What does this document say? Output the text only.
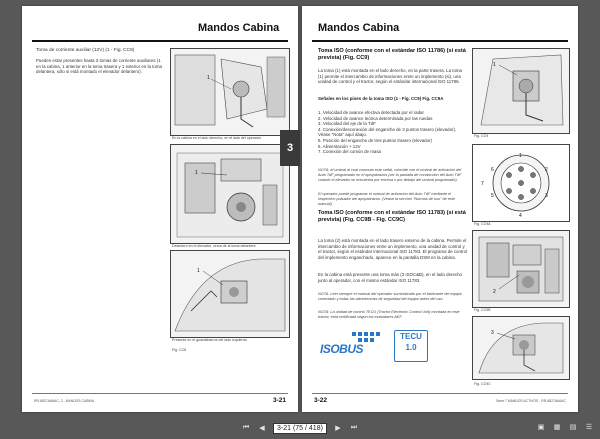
Mandos Cabina
Toma de corriente auxiliar (12V) (1 - Fig. CC8)
Pueden estar presentes hasta 3 tomas de corriente auxiliares (1 en la cabina, 1 anterior en la toma trasera y 1 exterior en la toma delantera, sólo si está montado el elevador delantero).
1
En la cabina en el lado derecho, en el lado del operador
1
Delantero en el elevador, cerca de la toma delantera
1
Presente en el guardabarros del lado izquierdo
Fig. CC8
RR-6827A6AAC- 2 - MANDOS CABINA	3-21
3
Mandos Cabina
Toma ISO (conforme con el estándar ISO 11786) (si está prevista) (Fig. CC9)
La toma (1) está montada en el lado derecho, en la parte trasera. La toma (1) permite el intercambio de informaciones entre un implemento (si), una unidad de control y el tractor, según el estándar internacional ISO 11786.
Señales en los pines de la toma ISO (1 - Fig. CC9) Fig. CC9A
1. Velocidad de avance efectiva detectada por el radar
2. Velocidad de avance teórica determinada por las ruedas
3. Velocidad del eje de la TdF
4. Conexión/desconexión del enganche de 3 puntos trasero (elevador). Véase "Nota" aquí abajo.
5. Posición del enganche de tres puntos trasero (elevador)
6. Alimentación + 12V
7. Conexión del común de masa
NOTA: el umbral al cual conmuta este señal, coincide con el umbral de activación del Auto TdF programado en el apoyabrazos (ver la pantalla de conducción del Auto TdF cuando el elevador se encuentra por encima o por debajo del umbral programado).
El operador puede programar el umbral de activación del Auto TdF mediante el respectivo pulsador del apoyabrazos. (Véase la sección "Normas de uso" de este manual).
Toma ISO (conforme con el estándar ISO 11783) (si está prevista) (Fig. CC9B - Fig. CC9C)
La toma (2) está montada en el lado trasero externo de la cabina. Permite el intercambio de informaciones entre un implemento, una unidad de control y el tractor, según el estándar internacional ISO 11783. El programa de control del implemento enganchado, aparece en la pantalla DSM en la cabina.
En la cabina está presente una toma más (3 ISOC&B), en el lado derecho junto al operador, con el mismo estándar ISO 11783.
NOTA: Leer siempre el manual del operador suministrado por el fabricante del equipo conectado y todas las advertencias de seguridad del equipo antes del uso.
NOTA: La unidad de control TECU (Tractor Electronic Control Unit) montada en este tractor, está certificada según los estándares AEF.
ISOBUS
TECU
1.0
1
Fig. CC9
1
2
3
4
5
6
7
Fig. CC9A
2
Fig. CC9B
3
Fig. CC9C
3-22	Serie 7 MANDOS ACTIVOS - RR-6827A6AAC
⏮	◀	3-21 (75 / 418)	▶	⏭	▣ ▦ ▤ ☰
